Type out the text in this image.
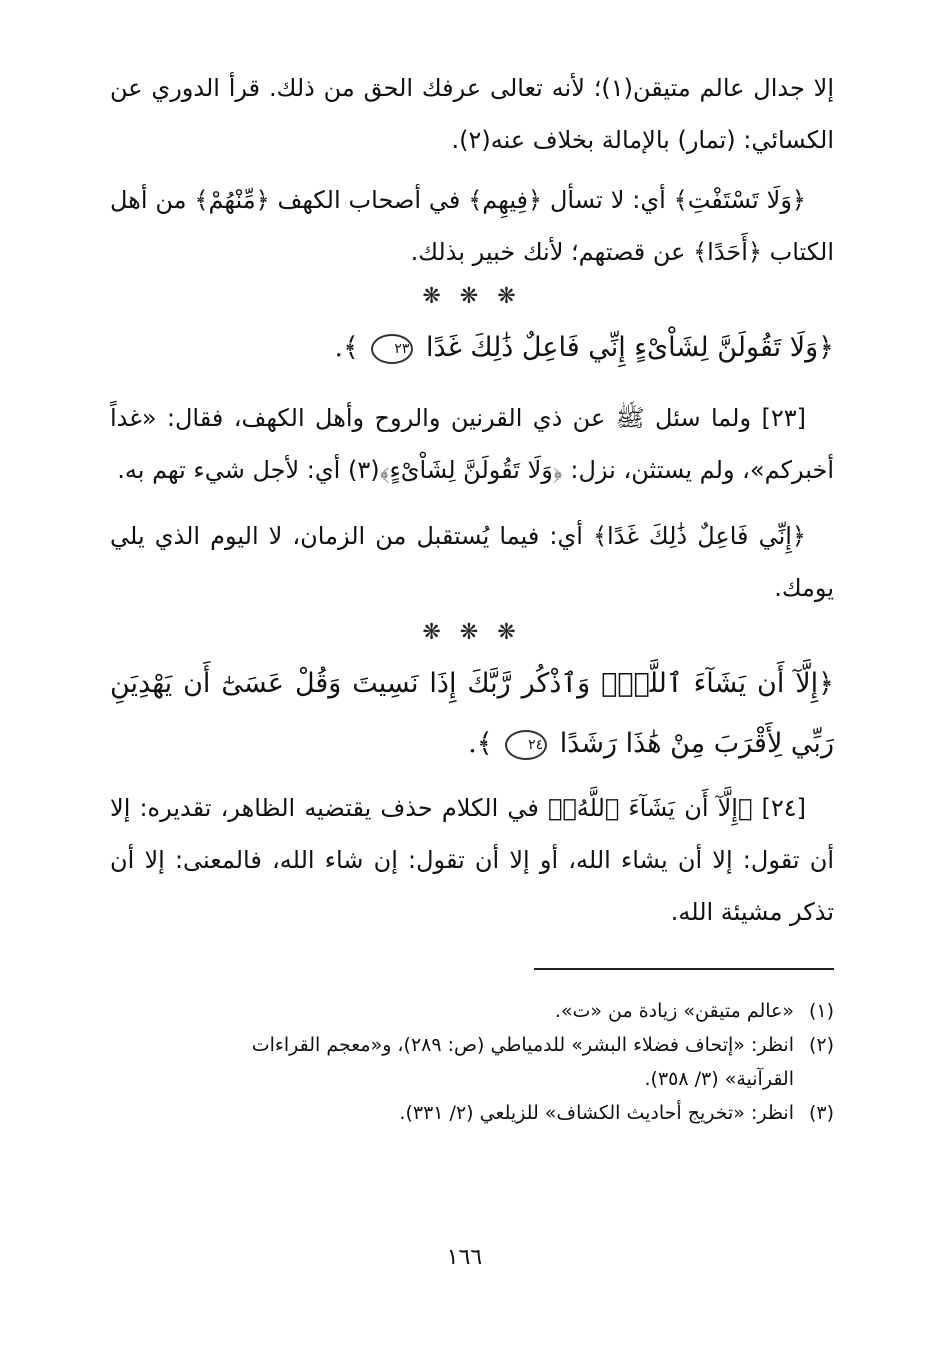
إلا جدال عالم متيقن(١)؛ لأنه تعالى عرفك الحق من ذلك. قرأ الدوري عن الكسائي: (تمار) بالإمالة بخلاف عنه(٢).

﴿وَلَا تَسْتَفْتِ﴾ أي: لا تسأل ﴿فِيهِم﴾ في أصحاب الكهف ﴿مِّنْهُمْ﴾ من أهل الكتاب ﴿أَحَدًا﴾ عن قصتهم؛ لأنك خبير بذلك.

❋ ❋ ❋

﴿وَلَا تَقُولَنَّ لِشَاْىْءٍ إِنِّي فَاعِلٌ ذَٰلِكَ غَدًا ٢٣ ﴾.

[٢٣] ولما سئل ﷺ عن ذي القرنين والروح وأهل الكهف، فقال: «غداً أخبركم»، ولم يستثن، نزل: ﴿وَلَا تَقُولَنَّ لِشَاْىْءٍ﴾(٣) أي: لأجل شيء تهم به.

﴿إِنِّي فَاعِلٌ ذَٰلِكَ غَدًا﴾ أي: فيما يُستقبل من الزمان، لا اليوم الذي يلي يومك.

❋ ❋ ❋

﴿إِلَّآ أَن يَشَآءَ ٱللَّهُۚ وَٱذْكُر رَّبَّكَ إِذَا نَسِيتَ وَقُلْ عَسَىٰٓ أَن يَهْدِيَنِ رَبِّي لِأَقْرَبَ مِنْ هَٰذَا رَشَدًا ٢٤ ﴾.

[٢٤] ﴿إِلَّآ أَن يَشَآءَ ٱللَّهُۚ﴾ في الكلام حذف يقتضيه الظاهر، تقديره: إلا أن تقول: إلا أن يشاء الله، أو إلا أن تقول: إن شاء الله، فالمعنى: إلا أن تذكر مشيئة الله.

(١)«عالم متيقن» زيادة من «ت».

(٢)انظر: «إتحاف فضلاء البشر» للدمياطي (ص: ٢٨٩)، و«معجم القراءات

القرآنية» (٣/ ٣٥٨).

(٣)انظر: «تخريج أحاديث الكشاف» للزيلعي (٢/ ٣٣١).

١٦٦
